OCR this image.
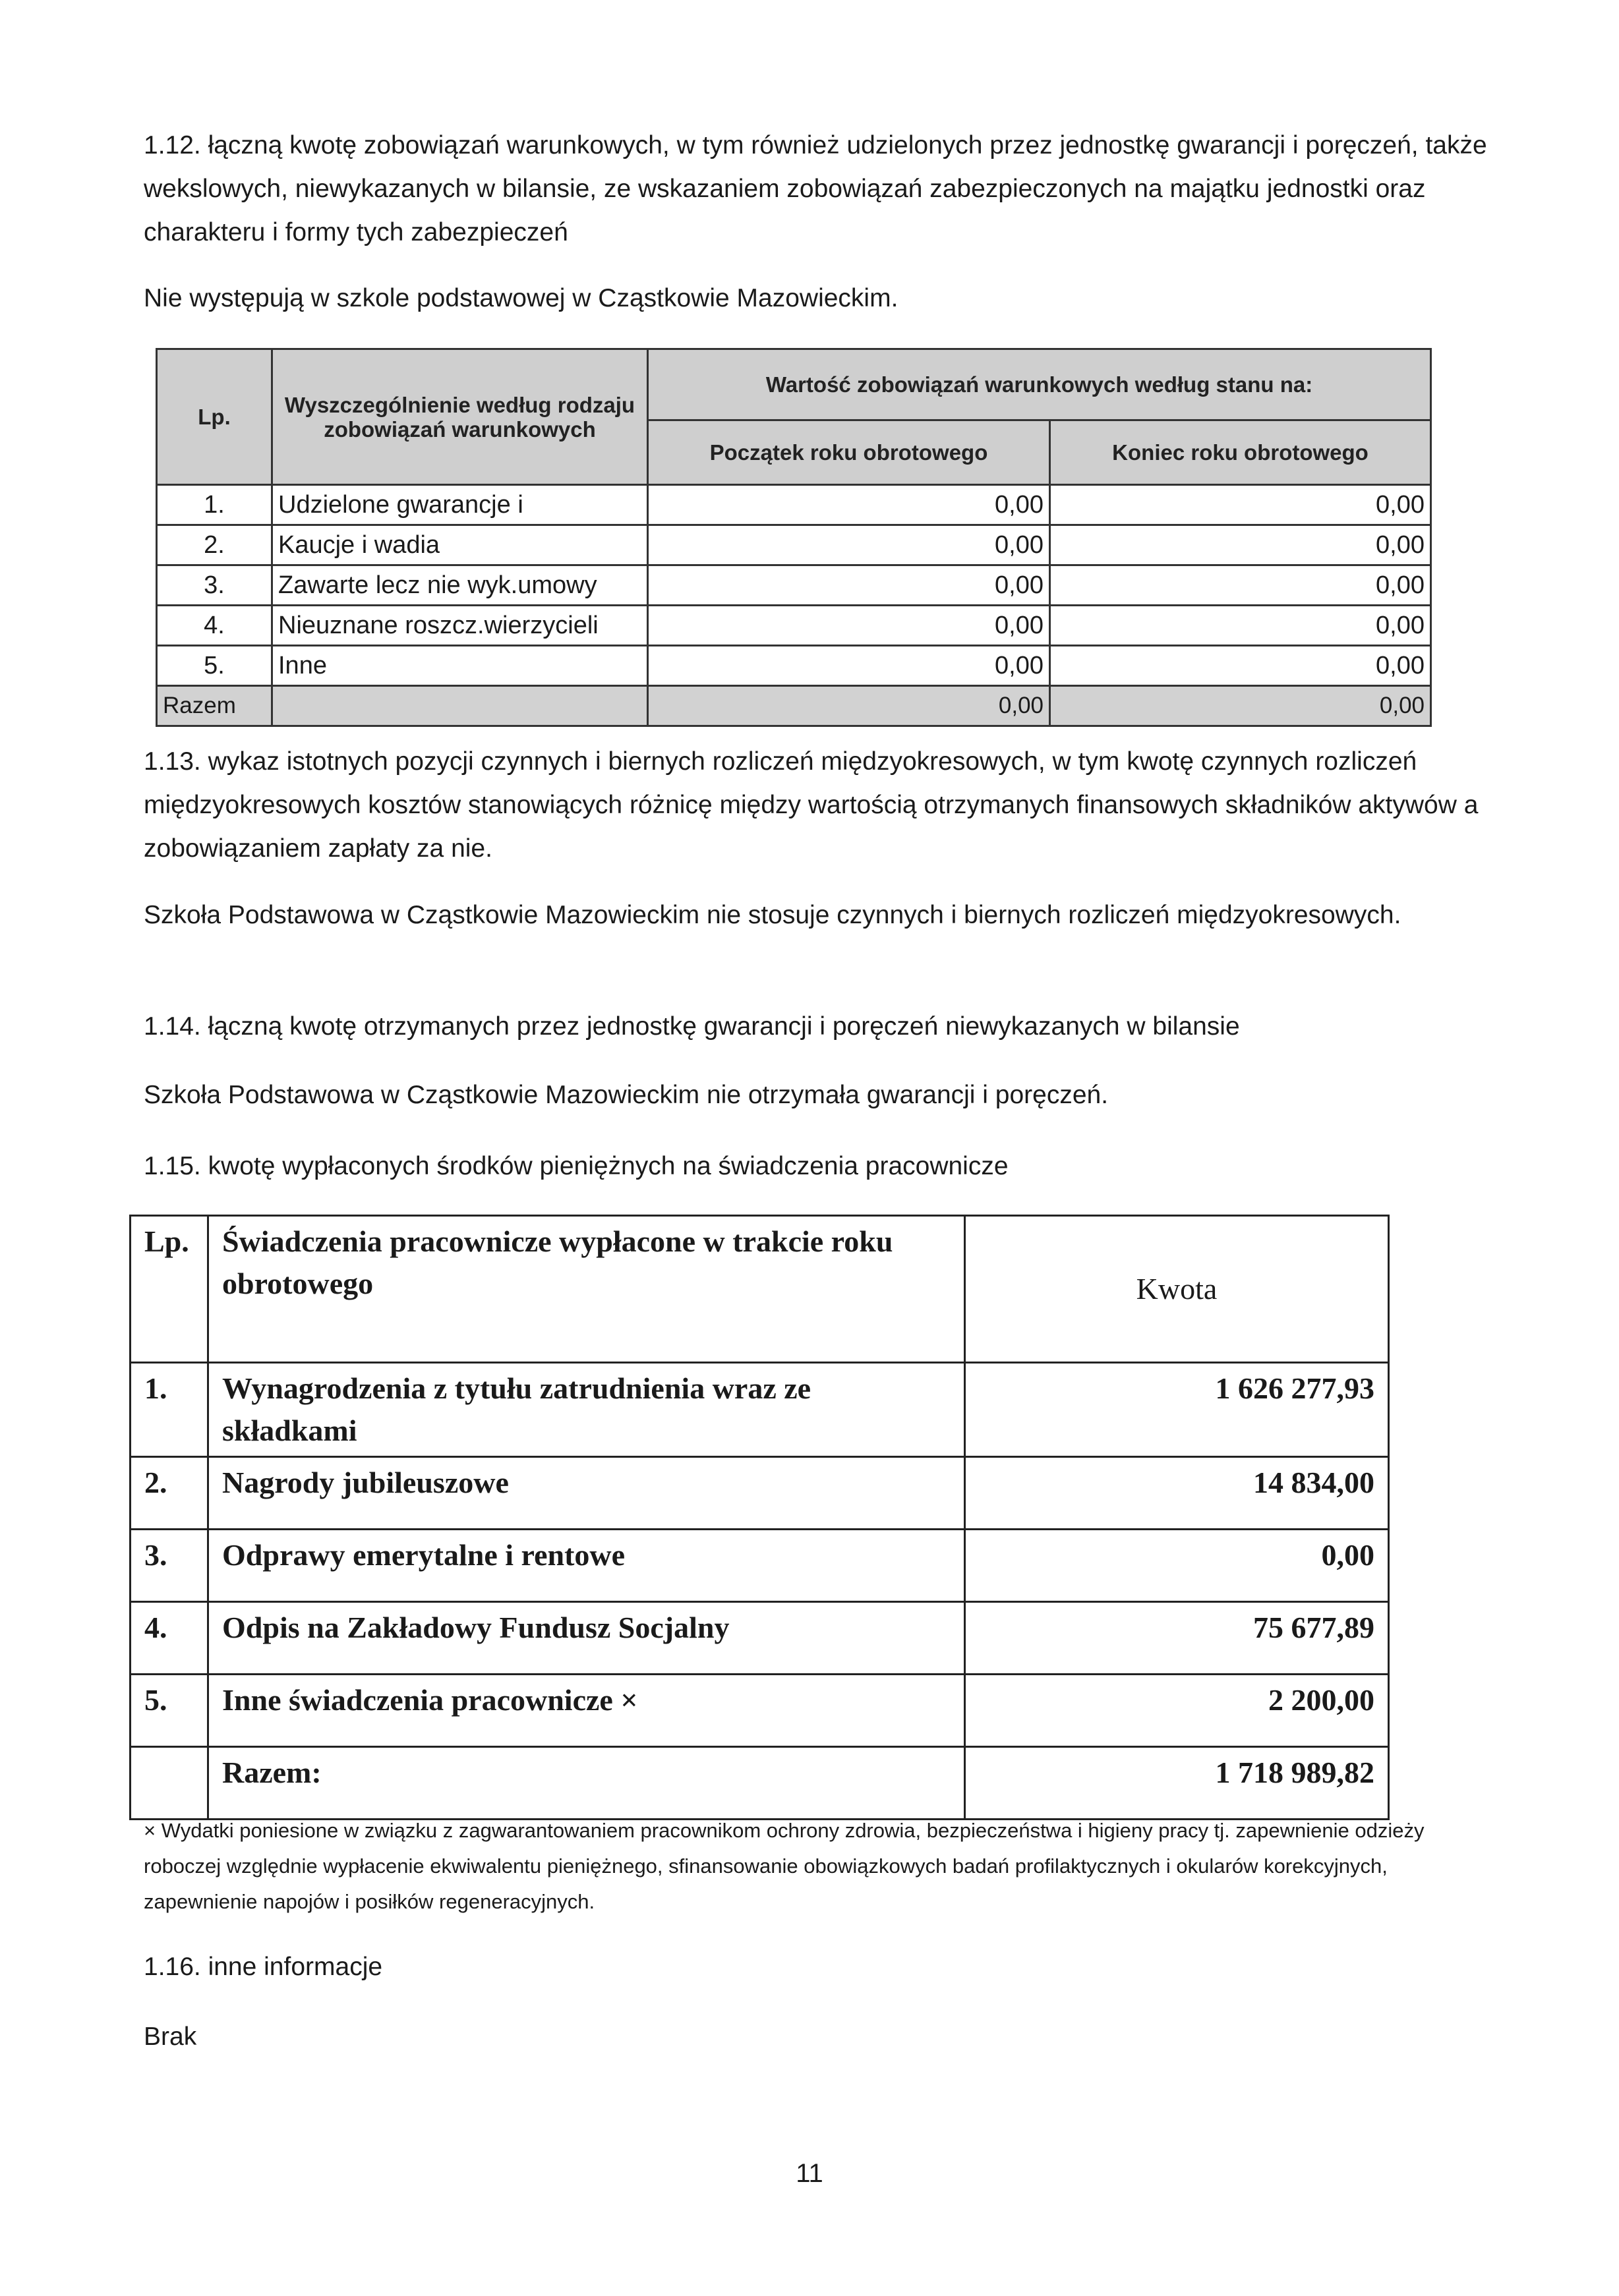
1.12. łączną kwotę zobowiązań warunkowych, w tym również udzielonych przez jednostkę gwarancji i poręczeń, także wekslowych, niewykazanych w bilansie, ze wskazaniem zobowiązań zabezpieczonych na majątku jednostki oraz charakteru i formy tych zabezpieczeń

Nie występują w szkole podstawowej w Cząstkowie Mazowieckim.

Lp.	Wyszczególnienie według rodzaju zobowiązań warunkowych	Wartość zobowiązań warunkowych według stanu na:	
		Początek roku obrotowego	Koniec roku obrotowego
1.	Udzielone gwarancje i	0,00	0,00
2.	Kaucje i wadia	0,00	0,00
3.	Zawarte lecz nie wyk.umowy	0,00	0,00
4.	Nieuznane roszcz.wierzycieli	0,00	0,00
5.	Inne	0,00	0,00
Razem		0,00	0,00

1.13. wykaz istotnych pozycji czynnych i biernych rozliczeń międzyokresowych, w tym kwotę czynnych rozliczeń międzyokresowych kosztów stanowiących różnicę między wartością otrzymanych finansowych składników aktywów a zobowiązaniem zapłaty za nie.

Szkoła Podstawowa w Cząstkowie Mazowieckim nie stosuje czynnych i biernych rozliczeń międzyokresowych.

1.14. łączną kwotę otrzymanych przez jednostkę gwarancji i poręczeń niewykazanych w bilansie

Szkoła Podstawowa w Cząstkowie Mazowieckim nie otrzymała gwarancji i poręczeń.

1.15. kwotę wypłaconych środków pieniężnych na świadczenia pracownicze

Lp.	Świadczenia pracownicze wypłacone w trakcie roku obrotowego	Kwota
1.	Wynagrodzenia z tytułu zatrudnienia wraz ze składkami	1 626 277,93
2.	Nagrody jubileuszowe	14 834,00
3.	Odprawy emerytalne i rentowe	0,00
4.	Odpis na Zakładowy Fundusz Socjalny	75 677,89
5.	Inne świadczenia pracownicze ×	2 200,00
	Razem:	1 718 989,82

× Wydatki poniesione w związku z zagwarantowaniem pracownikom ochrony zdrowia, bezpieczeństwa i higieny pracy tj. zapewnienie odzieży roboczej względnie wypłacenie ekwiwalentu pieniężnego, sfinansowanie obowiązkowych badań profilaktycznych i okularów korekcyjnych, zapewnienie napojów i posiłków regeneracyjnych.

1.16. inne informacje

Brak

11
